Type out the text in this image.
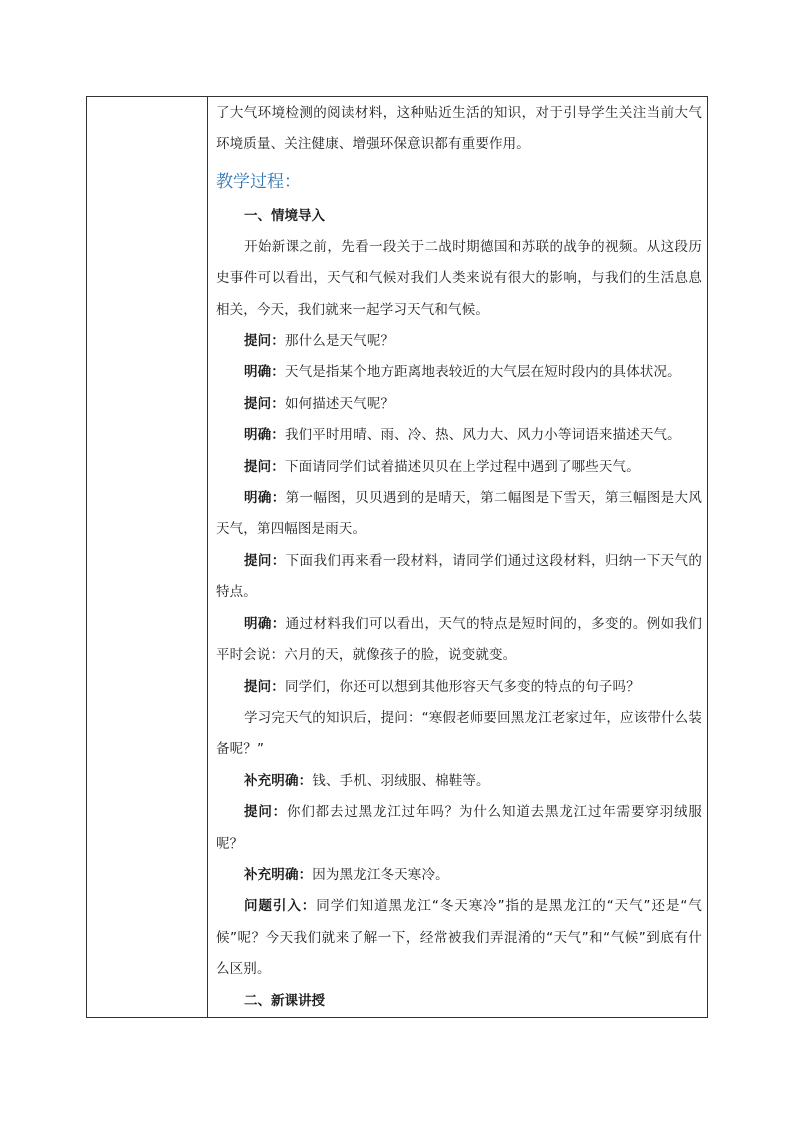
了大气环境检测的阅读材料，这种贴近生活的知识，对于引导学生关注当前大气环境质量、关注健康、增强环保意识都有重要作用。

教学过程：

一、情境导入

开始新课之前，先看一段关于二战时期德国和苏联的战争的视频。从这段历史事件可以看出，天气和气候对我们人类来说有很大的影响，与我们的生活息息相关，今天，我们就来一起学习天气和气候。

提问：那什么是天气呢？

明确：天气是指某个地方距离地表较近的大气层在短时段内的具体状况。

提问：如何描述天气呢？

明确：我们平时用晴、雨、冷、热、风力大、风力小等词语来描述天气。

提问：下面请同学们试着描述贝贝在上学过程中遇到了哪些天气。

明确：第一幅图，贝贝遇到的是晴天，第二幅图是下雪天，第三幅图是大风天气，第四幅图是雨天。

提问：下面我们再来看一段材料，请同学们通过这段材料，归纳一下天气的特点。

明确：通过材料我们可以看出，天气的特点是短时间的，多变的。例如我们平时会说：六月的天，就像孩子的脸，说变就变。

提问：同学们，你还可以想到其他形容天气多变的特点的句子吗？

学习完天气的知识后，提问：“寒假老师要回黑龙江老家过年，应该带什么装备呢？”

补充明确：钱、手机、羽绒服、棉鞋等。

提问：你们都去过黑龙江过年吗？为什么知道去黑龙江过年需要穿羽绒服呢？

补充明确：因为黑龙江冬天寒冷。

问题引入：同学们知道黑龙江“冬天寒冷”指的是黑龙江的“天气”还是“气候”呢？今天我们就来了解一下，经常被我们弄混淆的“天气”和“气候”到底有什么区别。

二、新课讲授
